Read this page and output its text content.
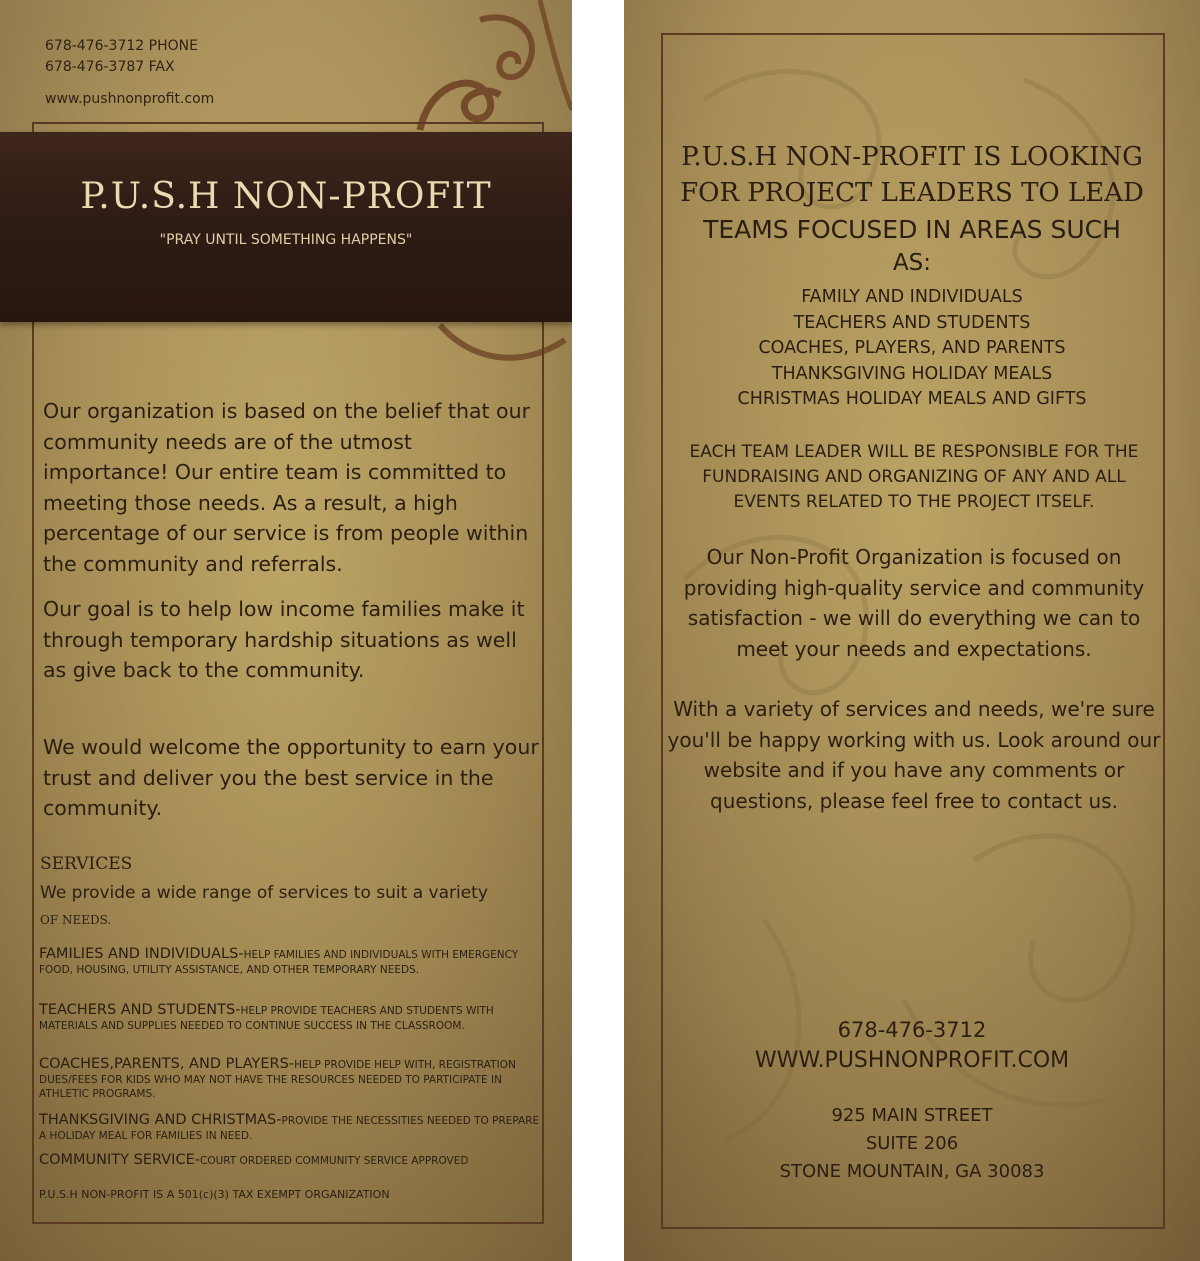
678-476-3712 PHONE
678-476-3787 FAX
www.pushnonprofit.com
P.U.S.H NON-PROFIT
"PRAY UNTIL SOMETHING HAPPENS"
Our organization is based on the belief that our community needs are of the utmost importance! Our entire team is committed to meeting those needs. As a result, a high percentage of our service is from people within the community and referrals.
Our goal is to help low income families make it through temporary hardship situations as well as give back to the community.
We would welcome the opportunity to earn your trust and deliver you the best service in the community.
SERVICES
We provide a wide range of services to suit a variety
OF NEEDS.
FAMILIES AND INDIVIDUALS-HELP FAMILIES AND INDIVIDUALS WITH EMERGENCY FOOD, HOUSING, UTILITY ASSISTANCE, AND OTHER TEMPORARY NEEDS.
TEACHERS AND STUDENTS-HELP PROVIDE TEACHERS AND STUDENTS WITH MATERIALS AND SUPPLIES NEEDED TO CONTINUE SUCCESS IN THE CLASSROOM.
COACHES,PARENTS, AND PLAYERS-HELP PROVIDE HELP WITH, REGISTRATION DUES/FEES FOR KIDS WHO MAY NOT HAVE THE RESOURCES NEEDED TO PARTICIPATE IN ATHLETIC PROGRAMS.
THANKSGIVING AND CHRISTMAS-PROVIDE THE NECESSITIES NEEDED TO PREPARE A HOLIDAY MEAL FOR FAMILIES IN NEED.
COMMUNITY SERVICE-COURT ORDERED COMMUNITY SERVICE APPROVED
P.U.S.H NON-PROFIT IS A 501(c)(3) TAX EXEMPT ORGANIZATION
P.U.S.H NON-PROFIT IS LOOKING
FOR PROJECT LEADERS TO LEAD
TEAMS FOCUSED IN AREAS SUCH
AS:
FAMILY AND INDIVIDUALS
TEACHERS AND STUDENTS
COACHES, PLAYERS, AND PARENTS
THANKSGIVING HOLIDAY MEALS
CHRISTMAS HOLIDAY MEALS AND GIFTS
EACH TEAM LEADER WILL BE RESPONSIBLE FOR THE FUNDRAISING AND ORGANIZING OF ANY AND ALL EVENTS RELATED TO THE PROJECT ITSELF.
Our Non-Profit Organization is focused on providing high-quality service and community satisfaction - we will do everything we can to meet your needs and expectations.
With a variety of services and needs, we're sure you'll be happy working with us. Look around our website and if you have any comments or questions, please feel free to contact us.
678-476-3712
WWW.PUSHNONPROFIT.COM
925 MAIN STREET
SUITE 206
STONE MOUNTAIN, GA 30083
